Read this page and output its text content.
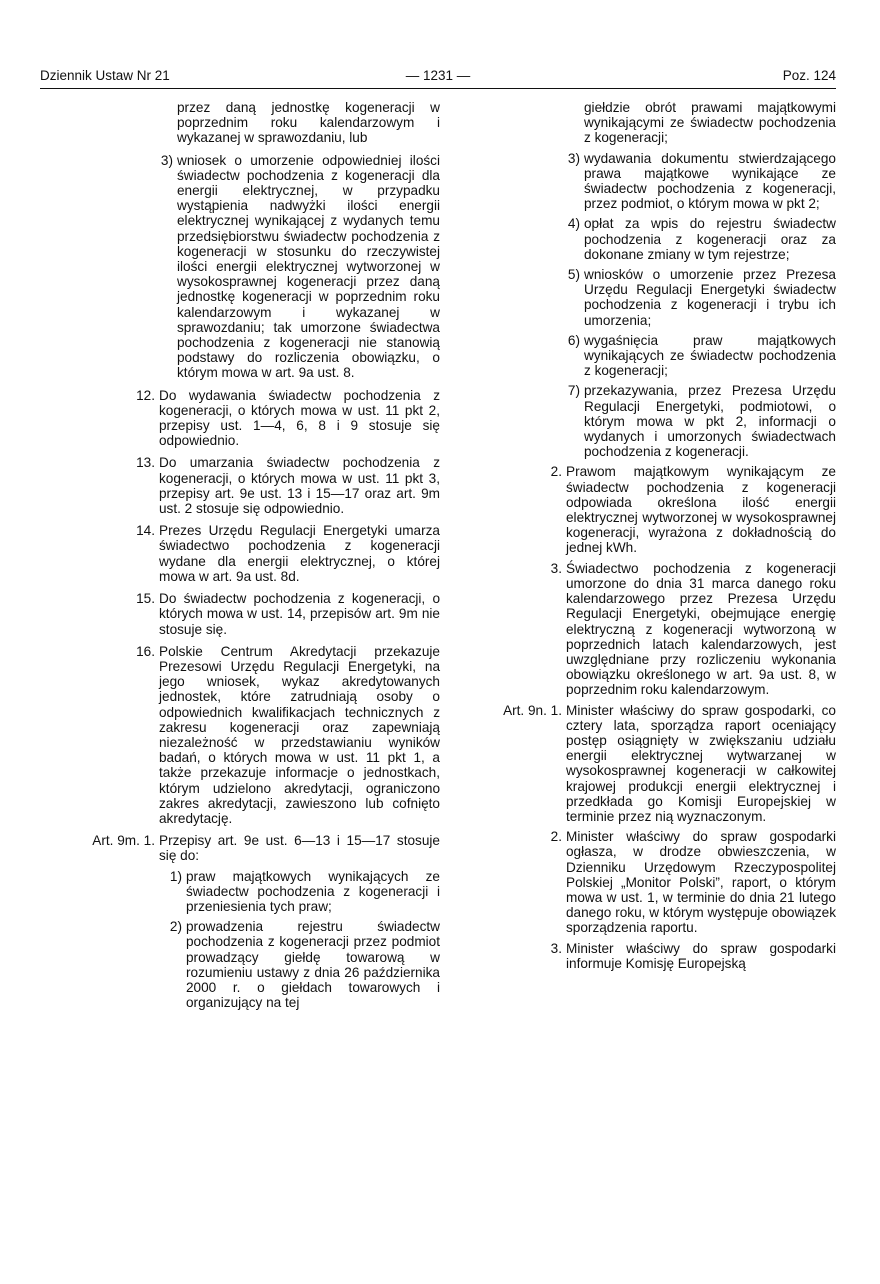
Dziennik Ustaw Nr 21	— 1231 —	Poz. 124

przez daną jednostkę kogeneracji w poprzednim roku kalendarzowym i wykazanej w sprawozdaniu, lub

3) wniosek o umorzenie odpowiedniej ilości świadectw pochodzenia z kogeneracji dla energii elektrycznej, w przypadku wystąpienia nadwyżki ilości energii elektrycznej wynikającej z wydanych temu przedsiębiorstwu świadectw pochodzenia z kogeneracji w stosunku do rzeczywistej ilości energii elektrycznej wytworzonej w wysokosprawnej kogeneracji przez daną jednostkę kogeneracji w poprzednim roku kalendarzowym i wykazanej w sprawozdaniu; tak umorzone świadectwa pochodzenia z kogeneracji nie stanowią podstawy do rozliczenia obowiązku, o którym mowa w art. 9a ust. 8.

12. Do wydawania świadectw pochodzenia z kogeneracji, o których mowa w ust. 11 pkt 2, przepisy ust. 1—4, 6, 8 i 9 stosuje się odpowiednio.

13. Do umarzania świadectw pochodzenia z kogeneracji, o których mowa w ust. 11 pkt 3, przepisy art. 9e ust. 13 i 15—17 oraz art. 9m ust. 2 stosuje się odpowiednio.

14. Prezes Urzędu Regulacji Energetyki umarza świadectwo pochodzenia z kogeneracji wydane dla energii elektrycznej, o której mowa w art. 9a ust. 8d.

15. Do świadectw pochodzenia z kogeneracji, o których mowa w ust. 14, przepisów art. 9m nie stosuje się.

16. Polskie Centrum Akredytacji przekazuje Prezesowi Urzędu Regulacji Energetyki, na jego wniosek, wykaz akredytowanych jednostek, które zatrudniają osoby o odpowiednich kwalifikacjach technicznych z zakresu kogeneracji oraz zapewniają niezależność w przedstawianiu wyników badań, o których mowa w ust. 11 pkt 1, a także przekazuje informacje o jednostkach, którym udzielono akredytacji, ograniczono zakres akredytacji, zawieszono lub cofnięto akredytację.

Art. 9m. 1. Przepisy art. 9e ust. 6—13 i 15—17 stosuje się do:

1) praw majątkowych wynikających ze świadectw pochodzenia z kogeneracji i przeniesienia tych praw;

2) prowadzenia rejestru świadectw pochodzenia z kogeneracji przez podmiot prowadzący giełdę towarową w rozumieniu ustawy z dnia 26 października 2000 r. o giełdach towarowych i organizujący na tej

giełdzie obrót prawami majątkowymi wynikającymi ze świadectw pochodzenia z kogeneracji;

3) wydawania dokumentu stwierdzającego prawa majątkowe wynikające ze świadectw pochodzenia z kogeneracji, przez podmiot, o którym mowa w pkt 2;

4) opłat za wpis do rejestru świadectw pochodzenia z kogeneracji oraz za dokonane zmiany w tym rejestrze;

5) wniosków o umorzenie przez Prezesa Urzędu Regulacji Energetyki świadectw pochodzenia z kogeneracji i trybu ich umorzenia;

6) wygaśnięcia praw majątkowych wynikających ze świadectw pochodzenia z kogeneracji;

7) przekazywania, przez Prezesa Urzędu Regulacji Energetyki, podmiotowi, o którym mowa w pkt 2, informacji o wydanych i umorzonych świadectwach pochodzenia z kogeneracji.

2. Prawom majątkowym wynikającym ze świadectw pochodzenia z kogeneracji odpowiada określona ilość energii elektrycznej wytworzonej w wysokosprawnej kogeneracji, wyrażona z dokładnością do jednej kWh.

3. Świadectwo pochodzenia z kogeneracji umorzone do dnia 31 marca danego roku kalendarzowego przez Prezesa Urzędu Regulacji Energetyki, obejmujące energię elektryczną z kogeneracji wytworzoną w poprzednich latach kalendarzowych, jest uwzględniane przy rozliczeniu wykonania obowiązku określonego w art. 9a ust. 8, w poprzednim roku kalendarzowym.

Art. 9n. 1. Minister właściwy do spraw gospodarki, co cztery lata, sporządza raport oceniający postęp osiągnięty w zwiększaniu udziału energii elektrycznej wytwarzanej w wysokosprawnej kogeneracji w całkowitej krajowej produkcji energii elektrycznej i przedkłada go Komisji Europejskiej w terminie przez nią wyznaczonym.

2. Minister właściwy do spraw gospodarki ogłasza, w drodze obwieszczenia, w Dzienniku Urzędowym Rzeczypospolitej Polskiej „Monitor Polski”, raport, o którym mowa w ust. 1, w terminie do dnia 21 lutego danego roku, w którym występuje obowiązek sporządzenia raportu.

3. Minister właściwy do spraw gospodarki informuje Komisję Europejską
